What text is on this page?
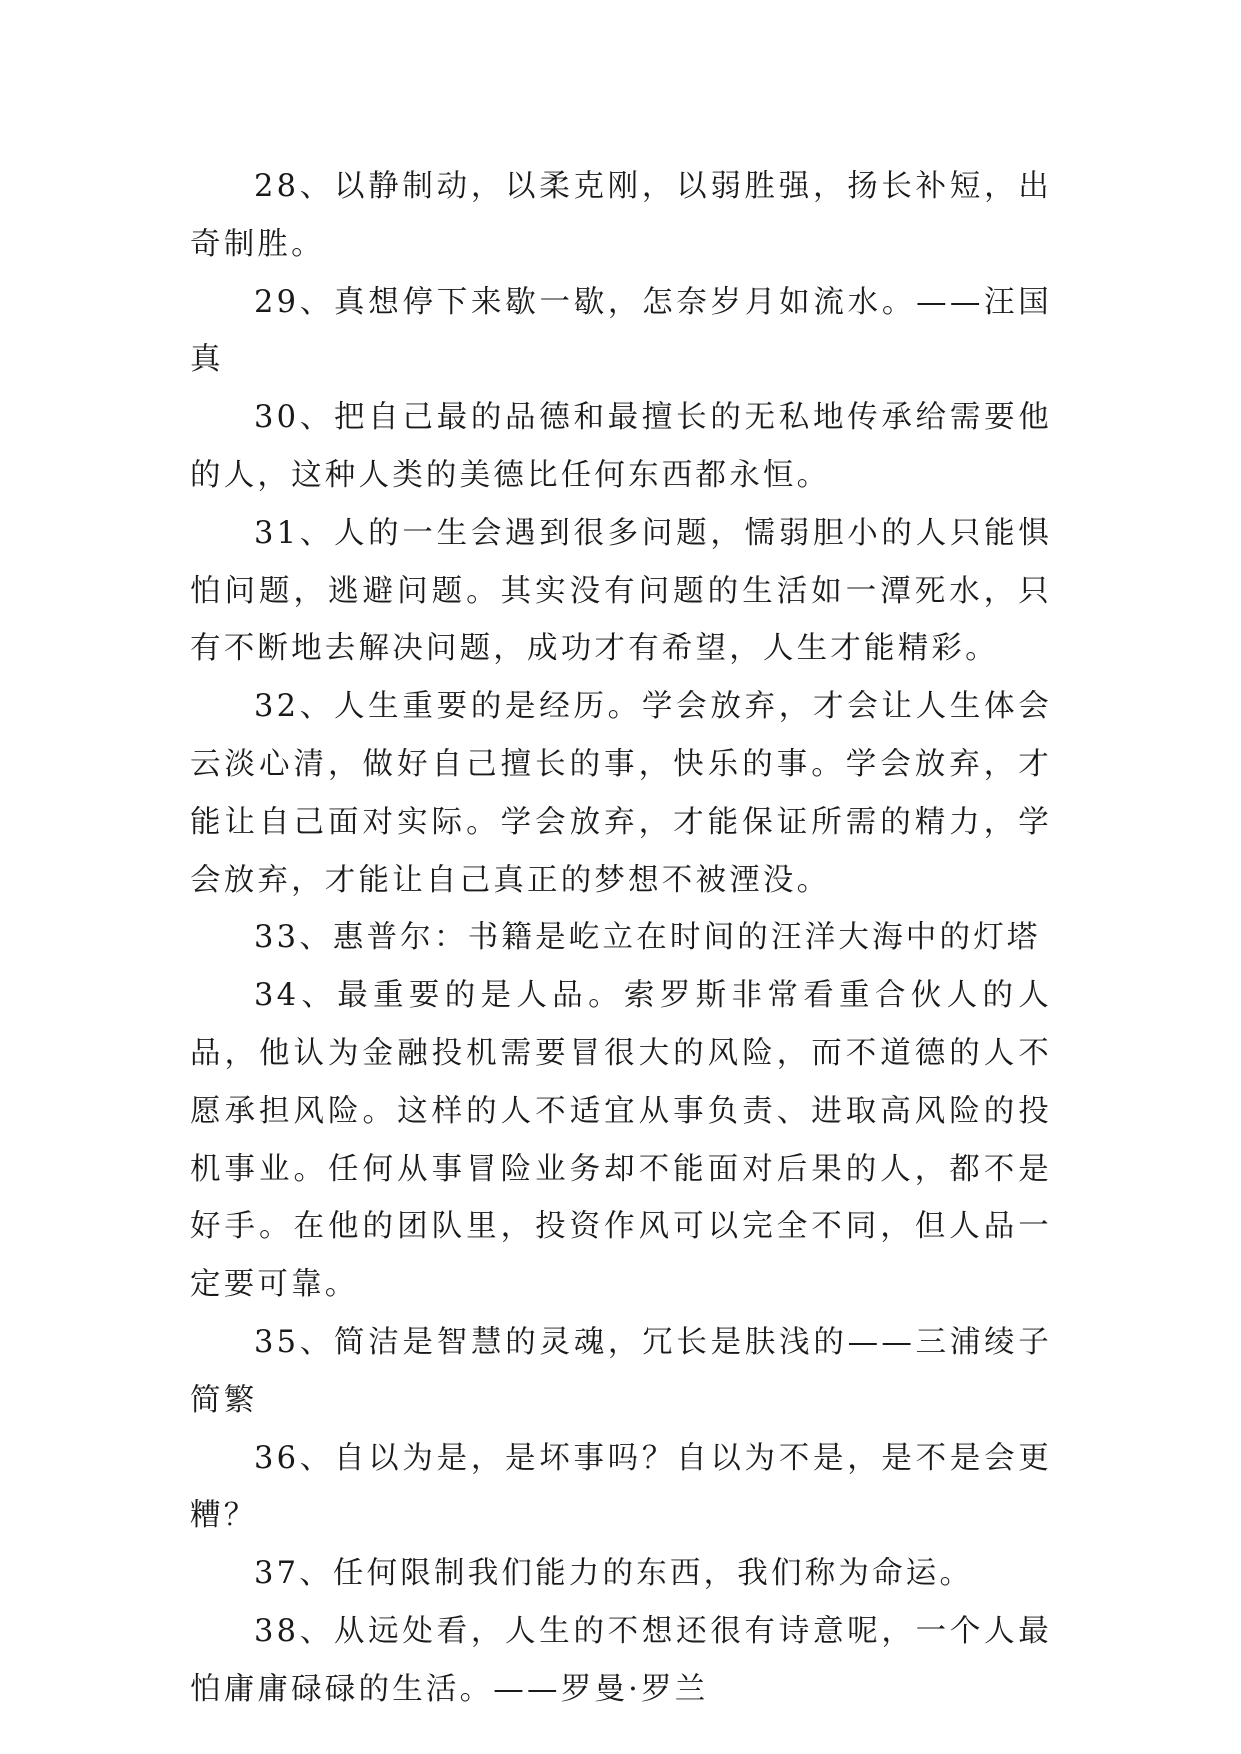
28、以静制动，以柔克刚，以弱胜强，扬长补短，出奇制胜。

29、真想停下来歇一歇，怎奈岁月如流水。——汪国真

30、把自己最的品德和最擅长的无私地传承给需要他的人，这种人类的美德比任何东西都永恒。

31、人的一生会遇到很多问题，懦弱胆小的人只能惧怕问题，逃避问题。其实没有问题的生活如一潭死水，只有不断地去解决问题，成功才有希望，人生才能精彩。

32、人生重要的是经历。学会放弃，才会让人生体会云淡心清，做好自己擅长的事，快乐的事。学会放弃，才能让自己面对实际。学会放弃，才能保证所需的精力，学会放弃，才能让自己真正的梦想不被湮没。

33、惠普尔：书籍是屹立在时间的汪洋大海中的灯塔

34、最重要的是人品。索罗斯非常看重合伙人的人品，他认为金融投机需要冒很大的风险，而不道德的人不愿承担风险。这样的人不适宜从事负责、进取高风险的投机事业。任何从事冒险业务却不能面对后果的人，都不是好手。在他的团队里，投资作风可以完全不同，但人品一定要可靠。

35、简洁是智慧的灵魂，冗长是肤浅的——三浦绫子简繁

36、自以为是，是坏事吗？自以为不是，是不是会更糟？

37、任何限制我们能力的东西，我们称为命运。

38、从远处看，人生的不想还很有诗意呢，一个人最怕庸庸碌碌的生活。——罗曼·罗兰
